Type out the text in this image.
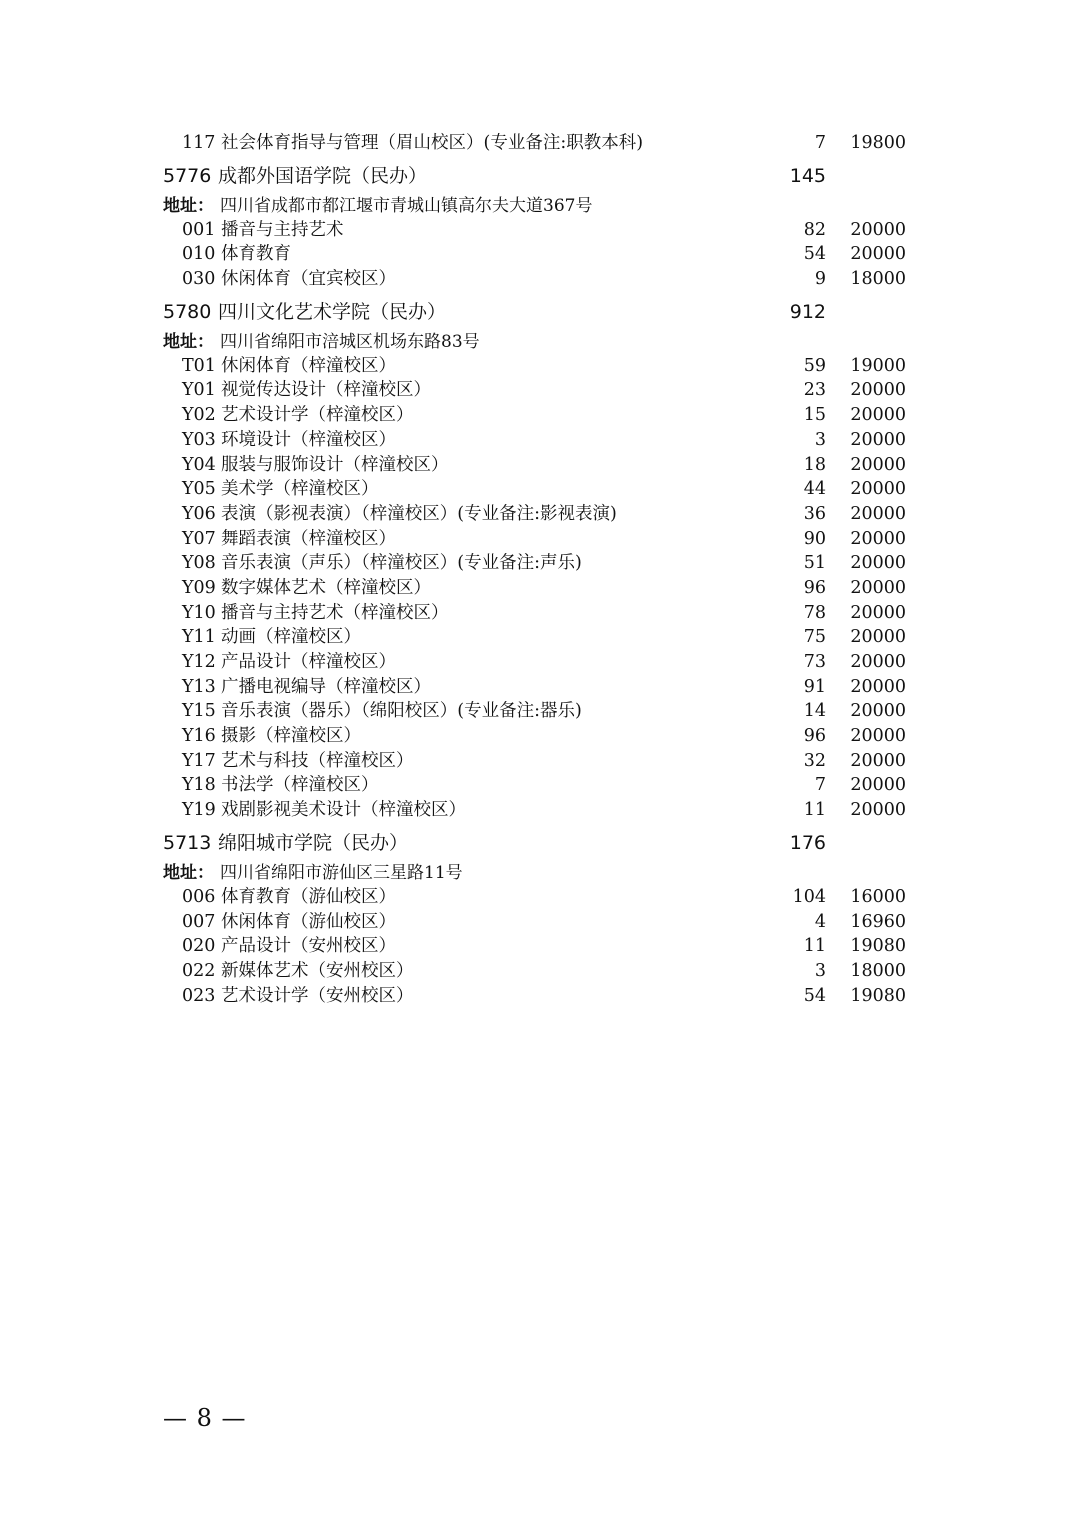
117 社会体育指导与管理（眉山校区）(专业备注:职教本科)	7 19800
5776 成都外国语学院（民办）	145
地址： 四川省成都市都江堰市青城山镇高尔夫大道367号
001 播音与主持艺术	82 20000
010 体育教育	54 20000
030 休闲体育（宜宾校区）	9 18000
5780 四川文化艺术学院（民办）	912
地址： 四川省绵阳市涪城区机场东路83号
T01 休闲体育（梓潼校区）	59 19000
Y01 视觉传达设计（梓潼校区）	23 20000
Y02 艺术设计学（梓潼校区）	15 20000
Y03 环境设计（梓潼校区）	3 20000
Y04 服装与服饰设计（梓潼校区）	18 20000
Y05 美术学（梓潼校区）	44 20000
Y06 表演（影视表演）（梓潼校区）(专业备注:影视表演)	36 20000
Y07 舞蹈表演（梓潼校区）	90 20000
Y08 音乐表演（声乐）（梓潼校区）(专业备注:声乐)	51 20000
Y09 数字媒体艺术（梓潼校区）	96 20000
Y10 播音与主持艺术（梓潼校区）	78 20000
Y11 动画（梓潼校区）	75 20000
Y12 产品设计（梓潼校区）	73 20000
Y13 广播电视编导（梓潼校区）	91 20000
Y15 音乐表演（器乐）（绵阳校区）(专业备注:器乐)	14 20000
Y16 摄影（梓潼校区）	96 20000
Y17 艺术与科技（梓潼校区）	32 20000
Y18 书法学（梓潼校区）	7 20000
Y19 戏剧影视美术设计（梓潼校区）	11 20000
5713 绵阳城市学院（民办）	176
地址： 四川省绵阳市游仙区三星路11号
006 体育教育（游仙校区）	104 16000
007 休闲体育（游仙校区）	4 16960
020 产品设计（安州校区）	11 19080
022 新媒体艺术（安州校区）	3 18000
023 艺术设计学（安州校区）	54 19080
— 8 —
